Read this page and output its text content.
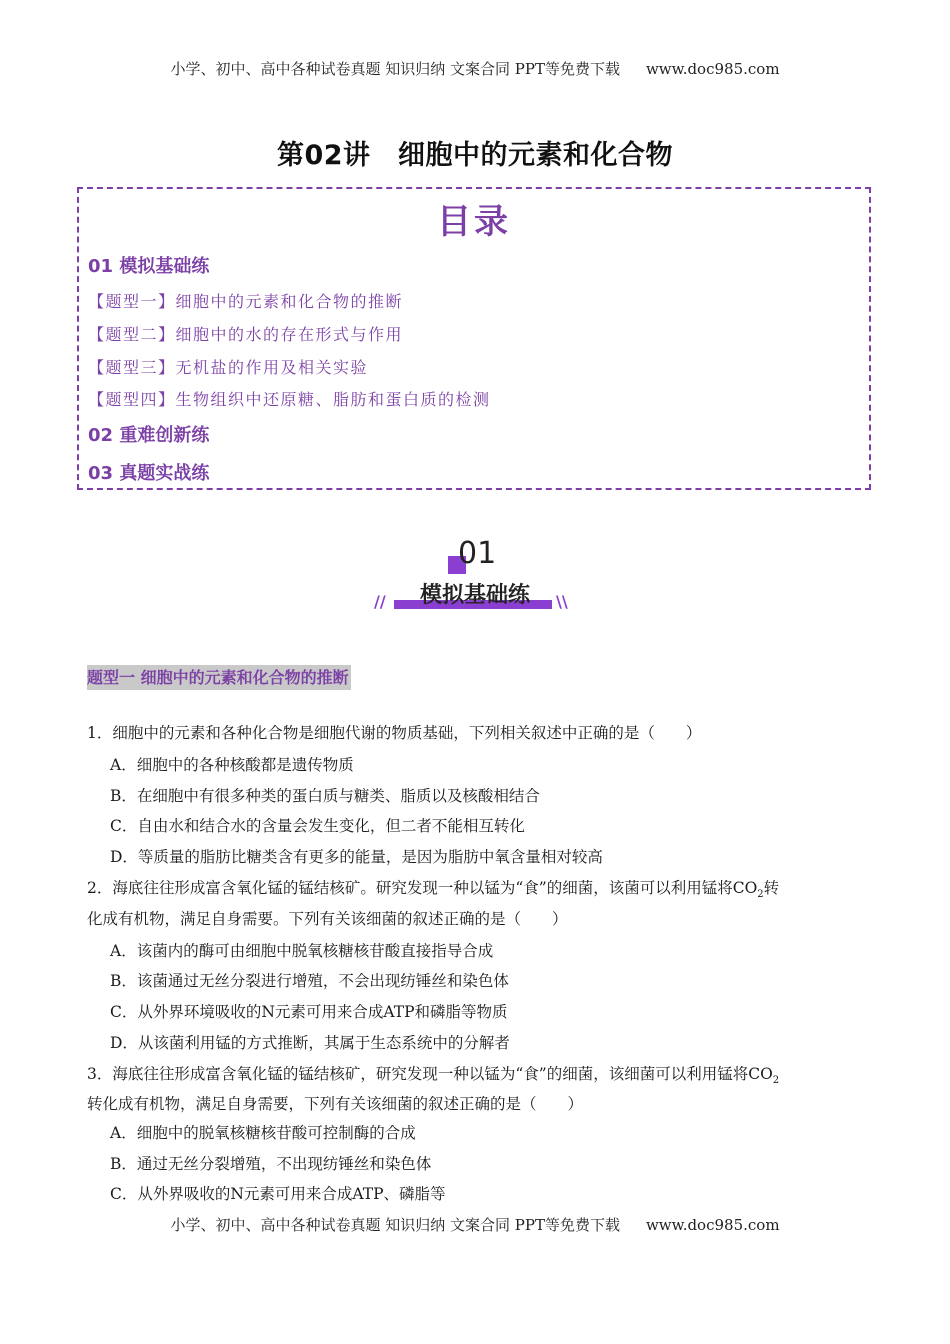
小学、初中、高中各种试卷真题 知识归纳 文案合同 PPT等免费下载 www.doc985.com
第02讲　细胞中的元素和化合物
目录
01 模拟基础练
【题型一】细胞中的元素和化合物的推断
【题型二】细胞中的水的存在形式与作用
【题型三】无机盐的作用及相关实验
【题型四】生物组织中还原糖、脂肪和蛋白质的检测
02 重难创新练
03 真题实战练
01
模拟基础练
//	\\
题型一 细胞中的元素和化合物的推断
1．细胞中的元素和各种化合物是细胞代谢的物质基础，下列相关叙述中正确的是（　　）
A．细胞中的各种核酸都是遗传物质
B．在细胞中有很多种类的蛋白质与糖类、脂质以及核酸相结合
C．自由水和结合水的含量会发生变化，但二者不能相互转化
D．等质量的脂肪比糖类含有更多的能量，是因为脂肪中氧含量相对较高
2．海底往往形成富含氧化锰的锰结核矿。研究发现一种以锰为“食”的细菌，该菌可以利用锰将$CO_2$转
化成有机物，满足自身需要。下列有关该细菌的叙述正确的是（　　）
A．该菌内的酶可由细胞中脱氧核糖核苷酸直接指导合成
B．该菌通过无丝分裂进行增殖，不会出现纺锤丝和染色体
C．从外界环境吸收的N元素可用来合成ATP和磷脂等物质
D．从该菌利用锰的方式推断，其属于生态系统中的分解者
3．海底往往形成富含氧化锰的锰结核矿，研究发现一种以锰为“食”的细菌，该细菌可以利用锰将$CO_2$
转化成有机物，满足自身需要，下列有关该细菌的叙述正确的是（　　）
A．细胞中的脱氧核糖核苷酸可控制酶的合成
B．通过无丝分裂增殖，不出现纺锤丝和染色体
C．从外界吸收的N元素可用来合成ATP、磷脂等
小学、初中、高中各种试卷真题 知识归纳 文案合同 PPT等免费下载 www.doc985.com
